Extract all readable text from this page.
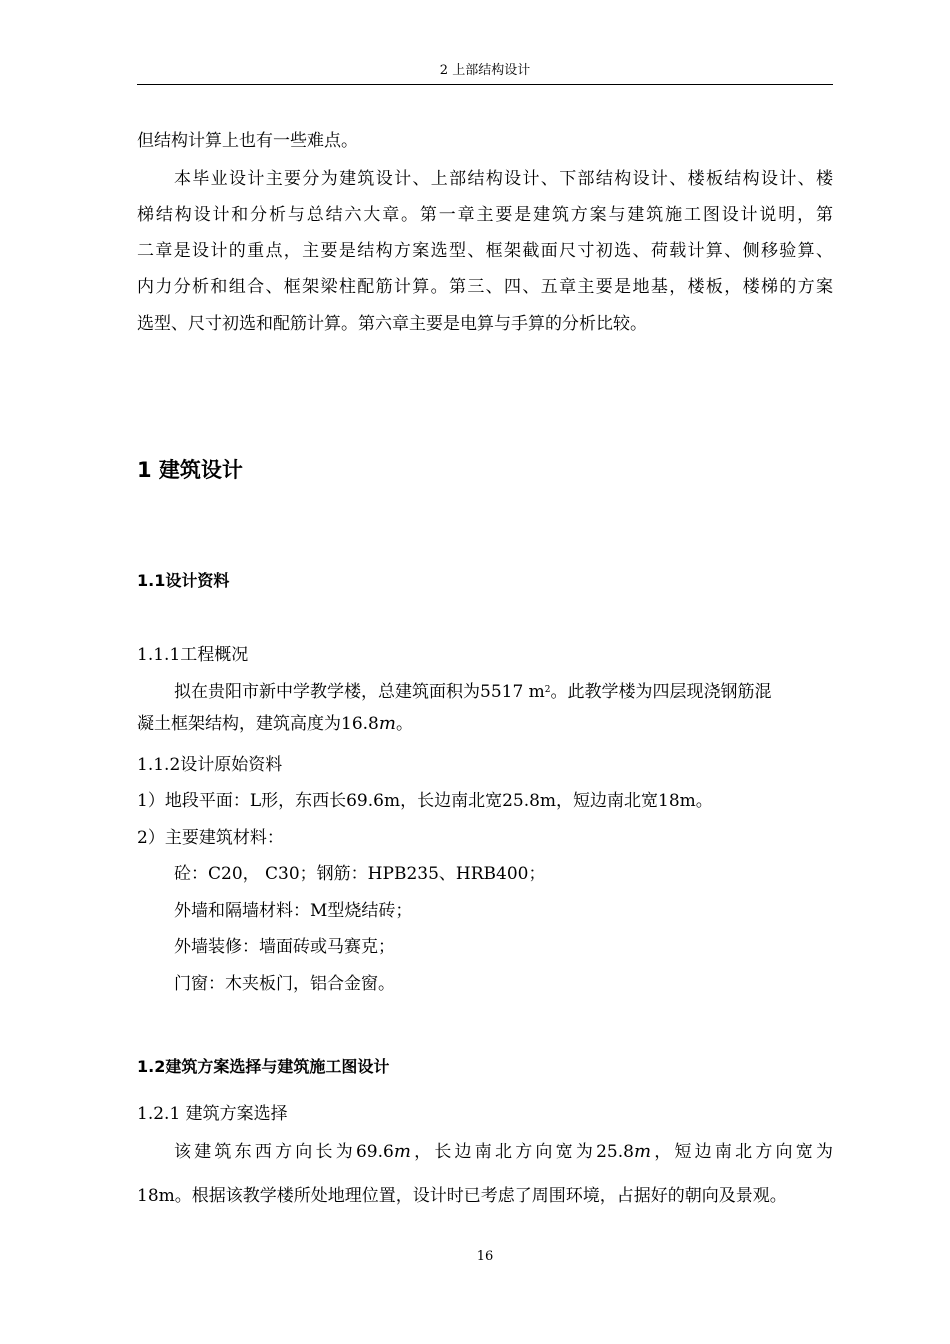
2 上部结构设计
但结构计算上也有一些难点。
本毕业设计主要分为建筑设计、上部结构设计、下部结构设计、楼板结构设计、楼
梯结构设计和分析与总结六大章。第一章主要是建筑方案与建筑施工图设计说明，第
二章是设计的重点，主要是结构方案选型、框架截面尺寸初选、荷载计算、侧移验算、
内力分析和组合、框架梁柱配筋计算。第三、四、五章主要是地基，楼板，楼梯的方案
选型、尺寸初选和配筋计算。第六章主要是电算与手算的分析比较。
1 建筑设计
1.1设计资料
1.1.1工程概况
拟在贵阳市新中学教学楼，总建筑面积为5517 $m^2$。此教学楼为四层现浇钢筋混
凝土框架结构，建筑高度为16.8m。
1.1.2设计原始资料
1）地段平面：L形，东西长69.6m，长边南北宽25.8m，短边南北宽18m。
2）主要建筑材料：
砼：C20， C30；钢筋：HPB235、HRB400；
外墙和隔墙材料：M型烧结砖；
外墙装修：墙面砖或马赛克；
门窗：木夹板门，铝合金窗。
1.2建筑方案选择与建筑施工图设计
1.2.1 建筑方案选择
该建筑东西方向长为69.6m，长边南北方向宽为25.8m，短边南北方向宽为
18m。根据该教学楼所处地理位置，设计时已考虑了周围环境，占据好的朝向及景观。
16
